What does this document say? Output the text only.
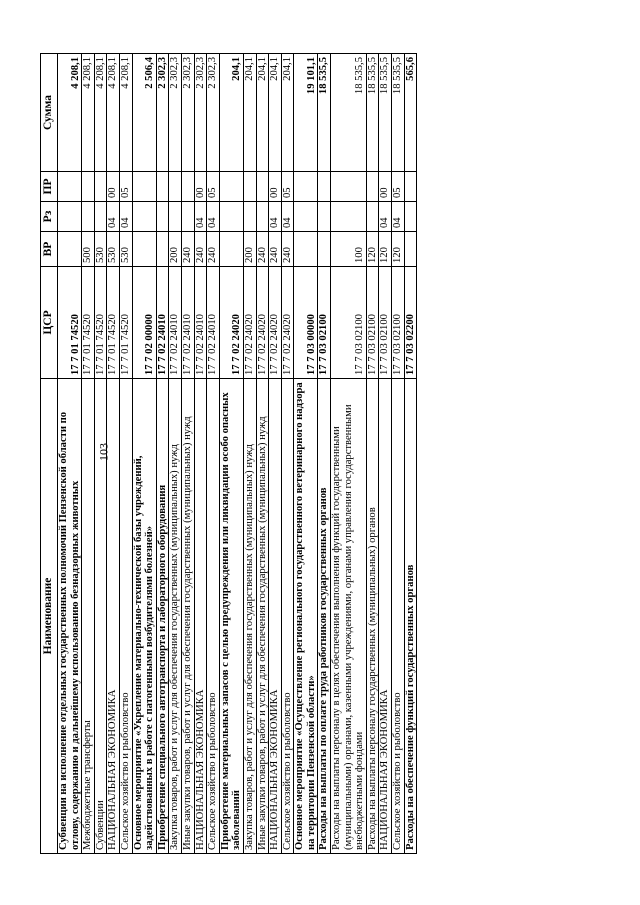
103
Наименование	ЦСР	ВР	Рз	ПР	Сумма
Субвенции на исполнение отдельных государственных полномочий Пензенской области по отлову, содержанию и дальнейшему использованию безнадзорных животных	17 7 01 74520				4 208,1
Межбюджетные трансферты	17 7 01 74520	500			4 208,1
Субвенции	17 7 01 74520	530			4 208,1
НАЦИОНАЛЬНАЯ ЭКОНОМИКА	17 7 01 74520	530	04	00	4 208,1
Сельское хозяйство и рыболовство	17 7 01 74520	530	04	05	4 208,1
Основное мероприятие «Укрепление материально-технической базы учреждений, задействованных в работе с патогенными возбудителями болезней»	17 7 02 00000				2 506,4
Приобретение специального автотранспорта и лабораторного оборудования	17 7 02 24010				2 302,3
Закупка товаров, работ и услуг для обеспечения государственных (муниципальных) нужд	17 7 02 24010	200			2 302,3
Иные закупки товаров, работ и услуг для обеспечения государственных (муниципальных) нужд	17 7 02 24010	240			2 302,3
НАЦИОНАЛЬНАЯ ЭКОНОМИКА	17 7 02 24010	240	04	00	2 302,3
Сельское хозяйство и рыболовство	17 7 02 24010	240	04	05	2 302,3
Приобретение материальных запасов с целью предупреждения или ликвидации особо опасных заболеваний	17 7 02 24020				204,1
Закупка товаров, работ и услуг для обеспечения государственных (муниципальных) нужд	17 7 02 24020	200			204,1
Иные закупки товаров, работ и услуг для обеспечения государственных (муниципальных) нужд	17 7 02 24020	240			204,1
НАЦИОНАЛЬНАЯ ЭКОНОМИКА	17 7 02 24020	240	04	00	204,1
Сельское хозяйство и рыболовство	17 7 02 24020	240	04	05	204,1
Основное мероприятие «Осуществление регионального государственного ветеринарного надзора на территории Пензенской области»	17 7 03 00000				19 101,1
Расходы на выплаты по оплате труда работников государственных органов	17 7 03 02100				18 535,5
Расходы на выплаты персоналу в целях обеспечения выполнения функций государственными (муниципальными) органами, казенными учреждениями, органами управления государственными внебюджетными фондами	17 7 03 02100	100			18 535,5
Расходы на выплаты персоналу государственных (муниципальных) органов	17 7 03 02100	120			18 535,5
НАЦИОНАЛЬНАЯ ЭКОНОМИКА	17 7 03 02100	120	04	00	18 535,5
Сельское хозяйство и рыболовство	17 7 03 02100	120	04	05	18 535,5
Расходы на обеспечение функций государственных органов	17 7 03 02200				565,6
